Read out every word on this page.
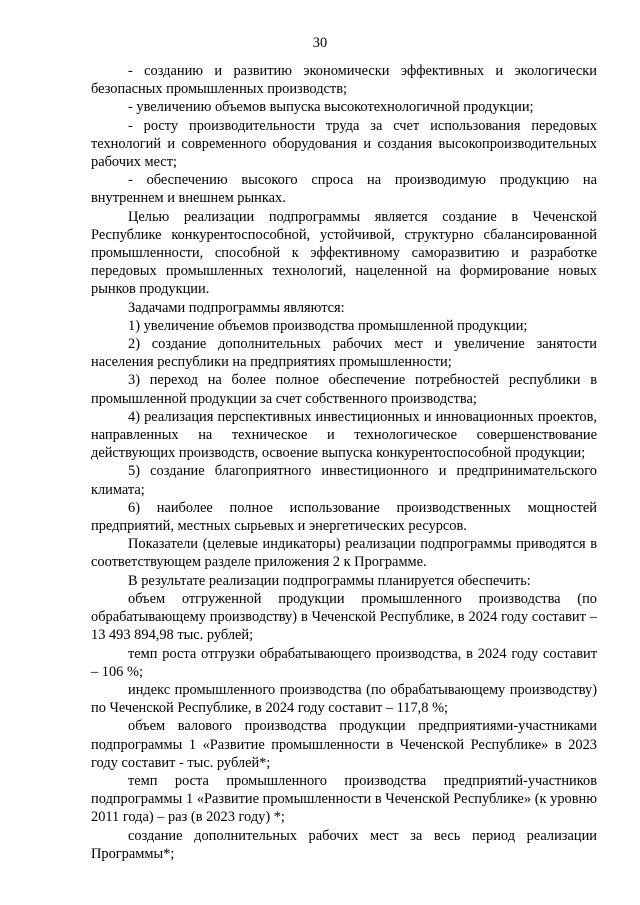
30

- созданию и развитию экономически эффективных и экологически безопасных промышленных производств;

- увеличению объемов выпуска высокотехнологичной продукции;

- росту производительности труда за счет использования передовых технологий и современного оборудования и создания высокопроизводительных рабочих мест;

- обеспечению высокого спроса на производимую продукцию на внутреннем и внешнем рынках.

Целью реализации подпрограммы является создание в Чеченской Республике конкурентоспособной, устойчивой, структурно сбалансированной промышленности, способной к эффективному саморазвитию и разработке передовых промышленных технологий, нацеленной на формирование новых рынков продукции.

Задачами подпрограммы являются:

1) увеличение объемов производства промышленной продукции;

2) создание дополнительных рабочих мест и увеличение занятости населения республики на предприятиях промышленности;

3) переход на более полное обеспечение потребностей республики в промышленной продукции за счет собственного производства;

4) реализация перспективных инвестиционных и инновационных проектов, направленных на техническое и технологическое совершенствование действующих производств, освоение выпуска конкурентоспособной продукции;

5) создание благоприятного инвестиционного и предпринимательского климата;

6) наиболее полное использование производственных мощностей предприятий, местных сырьевых и энергетических ресурсов.

Показатели (целевые индикаторы) реализации подпрограммы приводятся в соответствующем разделе приложения 2 к Программе.

В результате реализации подпрограммы планируется обеспечить:

объем отгруженной продукции промышленного производства (по обрабатывающему производству) в Чеченской Республике, в 2024 году составит – 13 493 894,98 тыс. рублей;

темп роста отгрузки обрабатывающего производства, в 2024 году составит – 106 %;

индекс промышленного производства (по обрабатывающему производству) по Чеченской Республике, в 2024 году составит – 117,8 %;

объем валового производства продукции предприятиями-участниками подпрограммы 1 «Развитие промышленности в Чеченской Республике» в 2023 году составит - тыс. рублей*;

темп роста промышленного производства предприятий-участников подпрограммы 1 «Развитие промышленности в Чеченской Республике» (к уровню 2011 года) – раз (в 2023 году) *;

создание дополнительных рабочих мест за весь период реализации Программы*;
